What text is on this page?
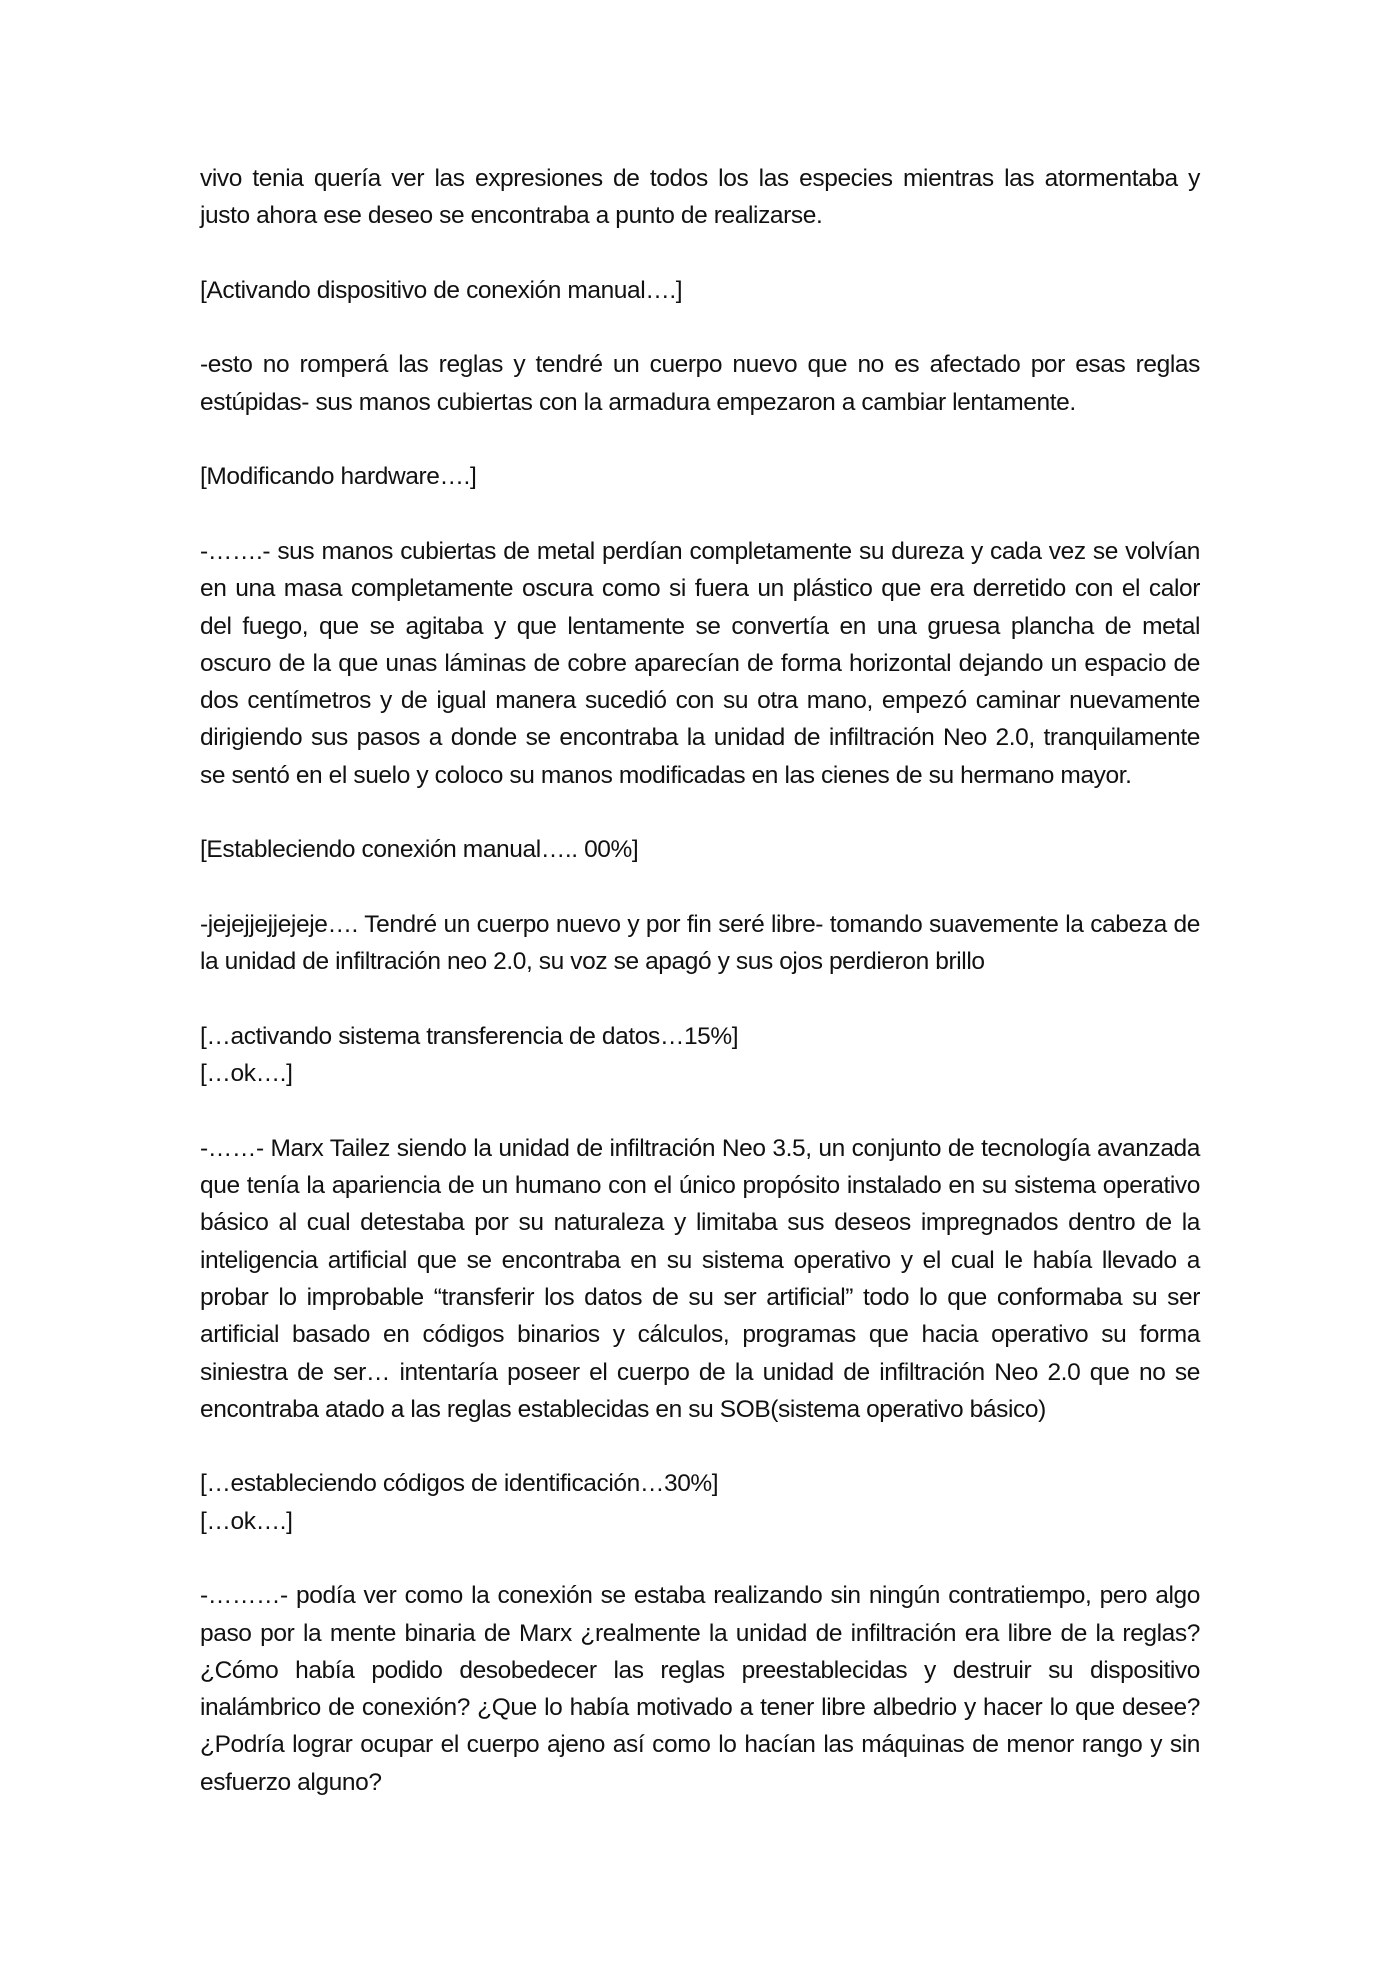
vivo tenia quería ver las expresiones de todos los las especies mientras las atormentaba y justo ahora ese deseo se encontraba a punto de realizarse.

[Activando dispositivo de conexión manual….]

-esto no romperá las reglas y tendré un cuerpo nuevo que no es afectado por esas reglas estúpidas- sus manos cubiertas con la armadura empezaron a cambiar lentamente.

[Modificando hardware….]

-…….- sus manos cubiertas de metal perdían completamente su dureza y cada vez se volvían en una masa completamente oscura como si fuera un plástico que era derretido con el calor del fuego, que se agitaba y que lentamente se convertía en una gruesa plancha de metal oscuro de la que unas láminas de cobre aparecían de forma horizontal dejando un espacio de dos centímetros y de igual manera sucedió con su otra mano, empezó caminar nuevamente dirigiendo sus pasos a donde se encontraba la unidad de infiltración Neo 2.0, tranquilamente se sentó en el suelo y coloco su manos modificadas en las cienes de su hermano mayor.

[Estableciendo conexión manual….. 00%]

-jejejjejjejeje…. Tendré un cuerpo nuevo y por fin seré libre- tomando suavemente la cabeza de la unidad de infiltración neo 2.0, su voz se apagó y sus ojos perdieron brillo

[…activando sistema transferencia de datos…15%]
[…ok….]

-……- Marx Tailez siendo la unidad de infiltración Neo 3.5, un conjunto de tecnología avanzada que tenía la apariencia de un humano con el único propósito instalado en su sistema operativo básico al cual detestaba por su naturaleza y limitaba sus deseos impregnados dentro de la inteligencia artificial que se encontraba en su sistema operativo y el cual le había llevado a probar lo improbable “transferir los datos de su ser artificial” todo lo que conformaba su ser artificial basado en códigos binarios y cálculos, programas que hacia operativo su forma siniestra de ser… intentaría poseer el cuerpo de la unidad de infiltración Neo 2.0 que no se encontraba atado a las reglas establecidas en su SOB(sistema operativo básico)

[…estableciendo códigos de identificación…30%]
[…ok….]

-………- podía ver como la conexión se estaba realizando sin ningún contratiempo, pero algo paso por la mente binaria de Marx ¿realmente la unidad de infiltración era libre de la reglas? ¿Cómo había podido desobedecer las reglas preestablecidas y destruir su dispositivo inalámbrico de conexión? ¿Que lo había motivado a tener libre albedrio y hacer lo que desee? ¿Podría lograr ocupar el cuerpo ajeno así como lo hacían las máquinas de menor rango y sin esfuerzo alguno?
